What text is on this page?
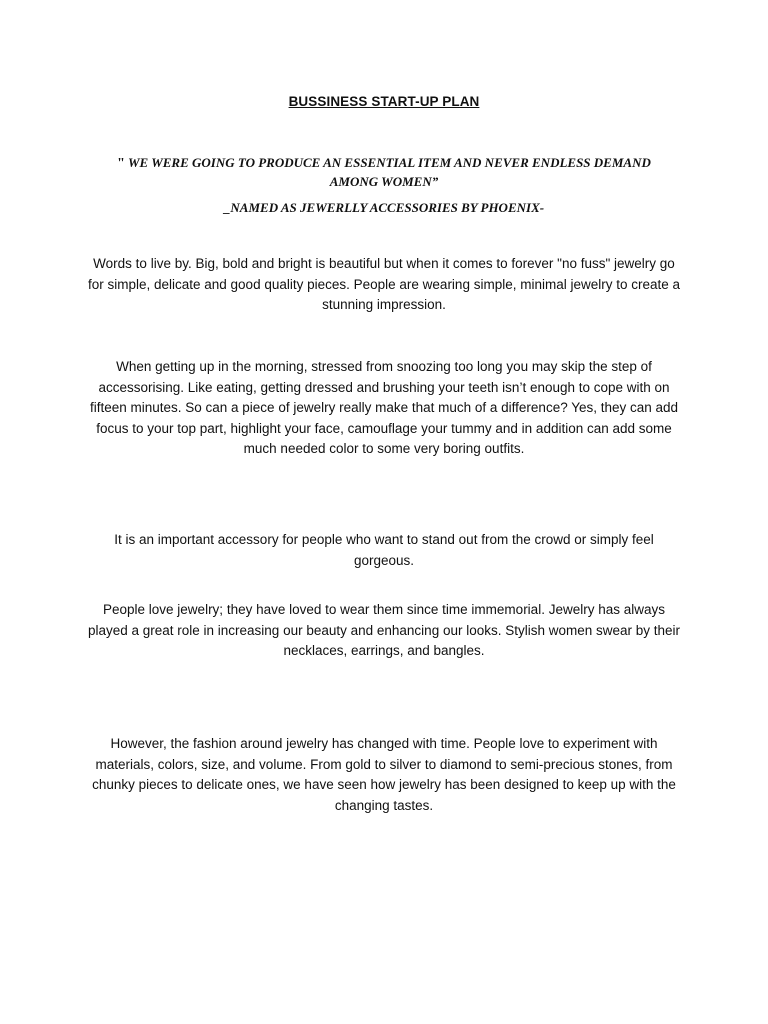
BUSSINESS START-UP PLAN
" WE WERE GOING TO PRODUCE AN ESSENTIAL ITEM AND NEVER ENDLESS DEMAND AMONG WOMEN”
_NAMED AS JEWERLLY ACCESSORIES BY PHOENIX-

Words to live by. Big, bold and bright is beautiful but when it comes to forever "no fuss" jewelry go for simple, delicate and good quality pieces. People are wearing simple, minimal jewelry to create a stunning impression.

When getting up in the morning, stressed from snoozing too long you may skip the step of accessorising. Like eating, getting dressed and brushing your teeth isn’t enough to cope with on fifteen minutes. So can a piece of jewelry really make that much of a difference? Yes, they can add focus to your top part, highlight your face, camouflage your tummy and in addition can add some much needed color to some very boring outfits.

It is an important accessory for people who want to stand out from the crowd or simply feel gorgeous.

People love jewelry; they have loved to wear them since time immemorial. Jewelry has always played a great role in increasing our beauty and enhancing our looks. Stylish women swear by their necklaces, earrings, and bangles.

However, the fashion around jewelry has changed with time. People love to experiment with materials, colors, size, and volume. From gold to silver to diamond to semi-precious stones, from chunky pieces to delicate ones, we have seen how jewelry has been designed to keep up with the changing tastes.
